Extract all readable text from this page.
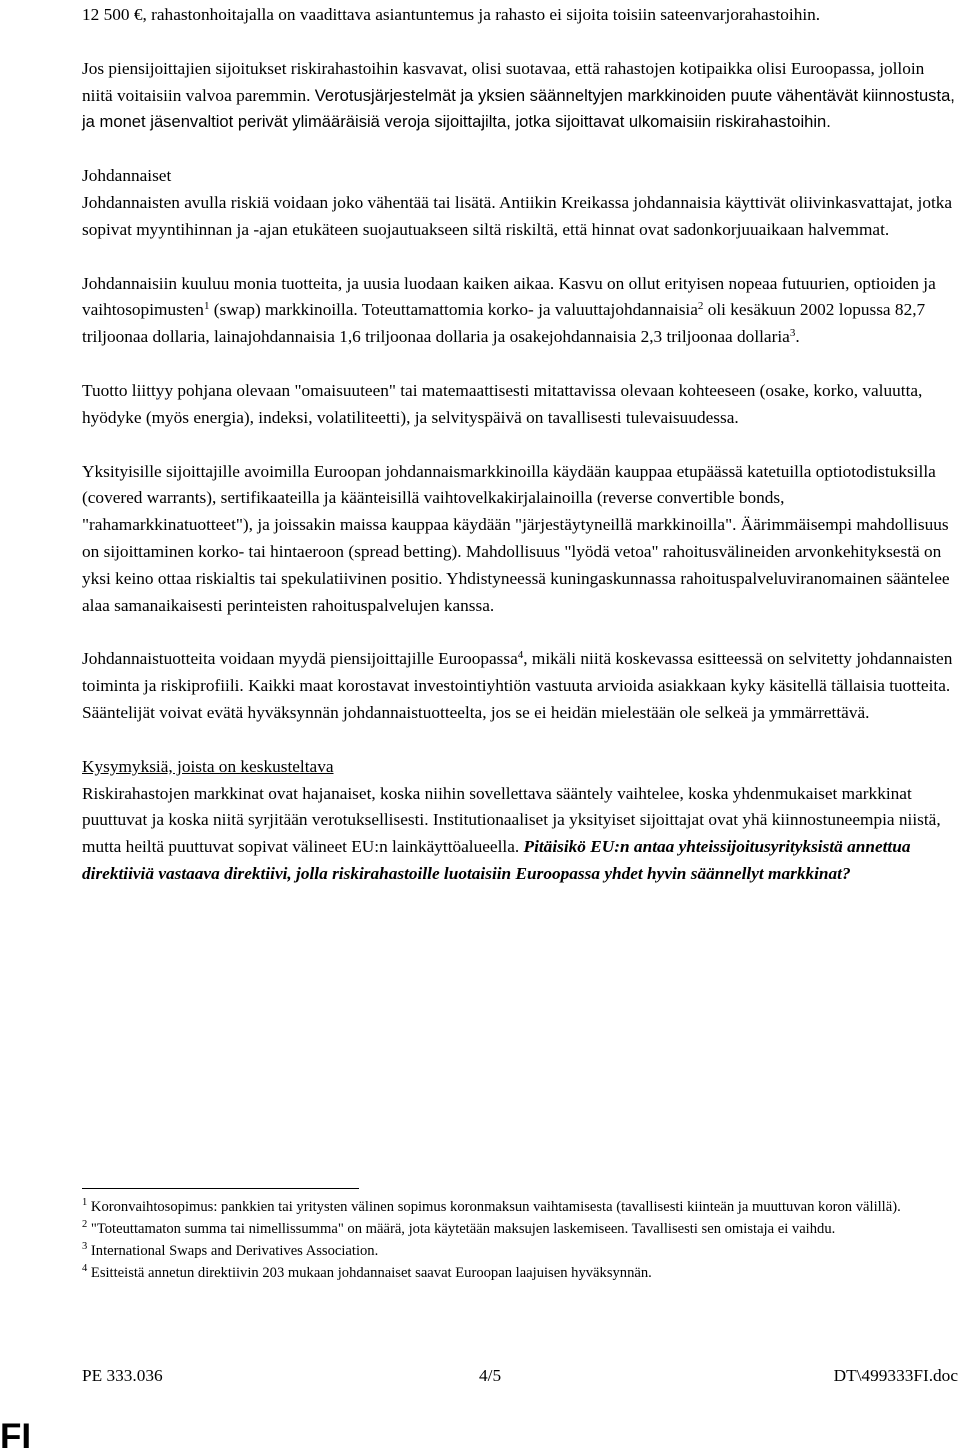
12 500 €, rahastonhoitajalla on vaadittava asiantuntemus ja rahasto ei sijoita toisiin sateenvarjorahastoihin.

Jos piensijoittajien sijoitukset riskirahastoihin kasvavat, olisi suotavaa, että rahastojen kotipaikka olisi Euroopassa, jolloin niitä voitaisiin valvoa paremmin. Verotusjärjestelmät ja yksien säänneltyjen markkinoiden puute vähentävät kiinnostusta, ja monet jäsenvaltiot perivät ylimääräisiä veroja sijoittajilta, jotka sijoittavat ulkomaisiin riskirahastoihin.

Johdannaiset

Johdannaisten avulla riskiä voidaan joko vähentää tai lisätä. Antiikin Kreikassa johdannaisia käyttivät oliivinkasvattajat, jotka sopivat myyntihinnan ja -ajan etukäteen suojautuakseen siltä riskiltä, että hinnat ovat sadonkorjuuaikaan halvemmat.

Johdannaisiin kuuluu monia tuotteita, ja uusia luodaan kaiken aikaa. Kasvu on ollut erityisen nopeaa futuurien, optioiden ja vaihtosopimusten$^1$ (swap) markkinoilla. Toteuttamattomia korko- ja valuuttajohdannaisia$^2$ oli kesäkuun 2002 lopussa 82,7 triljoonaa dollaria, lainajohdannaisia 1,6 triljoonaa dollaria ja osakejohdannaisia 2,3 triljoonaa dollaria$^3$.

Tuotto liittyy pohjana olevaan "omaisuuteen" tai matemaattisesti mitattavissa olevaan kohteeseen (osake, korko, valuutta, hyödyke (myös energia), indeksi, volatiliteetti), ja selvityspäivä on tavallisesti tulevaisuudessa.

Yksityisille sijoittajille avoimilla Euroopan johdannaismarkkinoilla käydään kauppaa etupäässä katetuilla optiotodistuksilla (covered warrants), sertifikaateilla ja käänteisillä vaihtovelkakirjalainoilla (reverse convertible bonds, "rahamarkkinatuotteet"), ja joissakin maissa kauppaa käydään "järjestäytyneillä markkinoilla". Äärimmäisempi mahdollisuus on sijoittaminen korko- tai hintaeroon (spread betting). Mahdollisuus "lyödä vetoa" rahoitusvälineiden arvonkehityksestä on yksi keino ottaa riskialtis tai spekulatiivinen positio. Yhdistyneessä kuningaskunnassa rahoituspalveluviranomainen sääntelee alaa samanaikaisesti perinteisten rahoituspalvelujen kanssa.

Johdannaistuotteita voidaan myydä piensijoittajille Euroopassa$^4$, mikäli niitä koskevassa esitteessä on selvitetty johdannaisten toiminta ja riskiprofiili. Kaikki maat korostavat investointiyhtiön vastuuta arvioida asiakkaan kyky käsitellä tällaisia tuotteita. Sääntelijät voivat evätä hyväksynnän johdannaistuotteelta, jos se ei heidän mielestään ole selkeä ja ymmärrettävä.

Kysymyksiä, joista on keskusteltava

Riskirahastojen markkinat ovat hajanaiset, koska niihin sovellettava sääntely vaihtelee, koska yhdenmukaiset markkinat puuttuvat ja koska niitä syrjitään verotuksellisesti. Institutionaaliset ja yksityiset sijoittajat ovat yhä kiinnostuneempia niistä, mutta heiltä puuttuvat sopivat välineet EU:n lainkäyttöalueella. Pitäisikö EU:n antaa yhteissijoitusyrityksistä annettua direktiiviä vastaava direktiivi, jolla riskirahastoille luotaisiin Euroopassa yhdet hyvin säännellyt markkinat?

$^1$ Koronvaihtosopimus: pankkien tai yritysten välinen sopimus koronmaksun vaihtamisesta (tavallisesti kiinteän ja muuttuvan koron välillä).

$^2$ "Toteuttamaton summa tai nimellissumma" on määrä, jota käytetään maksujen laskemiseen. Tavallisesti sen omistaja ei vaihdu.

$^3$ International Swaps and Derivatives Association.

$^4$ Esitteistä annetun direktiivin 203 mukaan johdannaiset saavat Euroopan laajuisen hyväksynnän.

PE 333.036	4/5	DT\499333FI.doc
FI
